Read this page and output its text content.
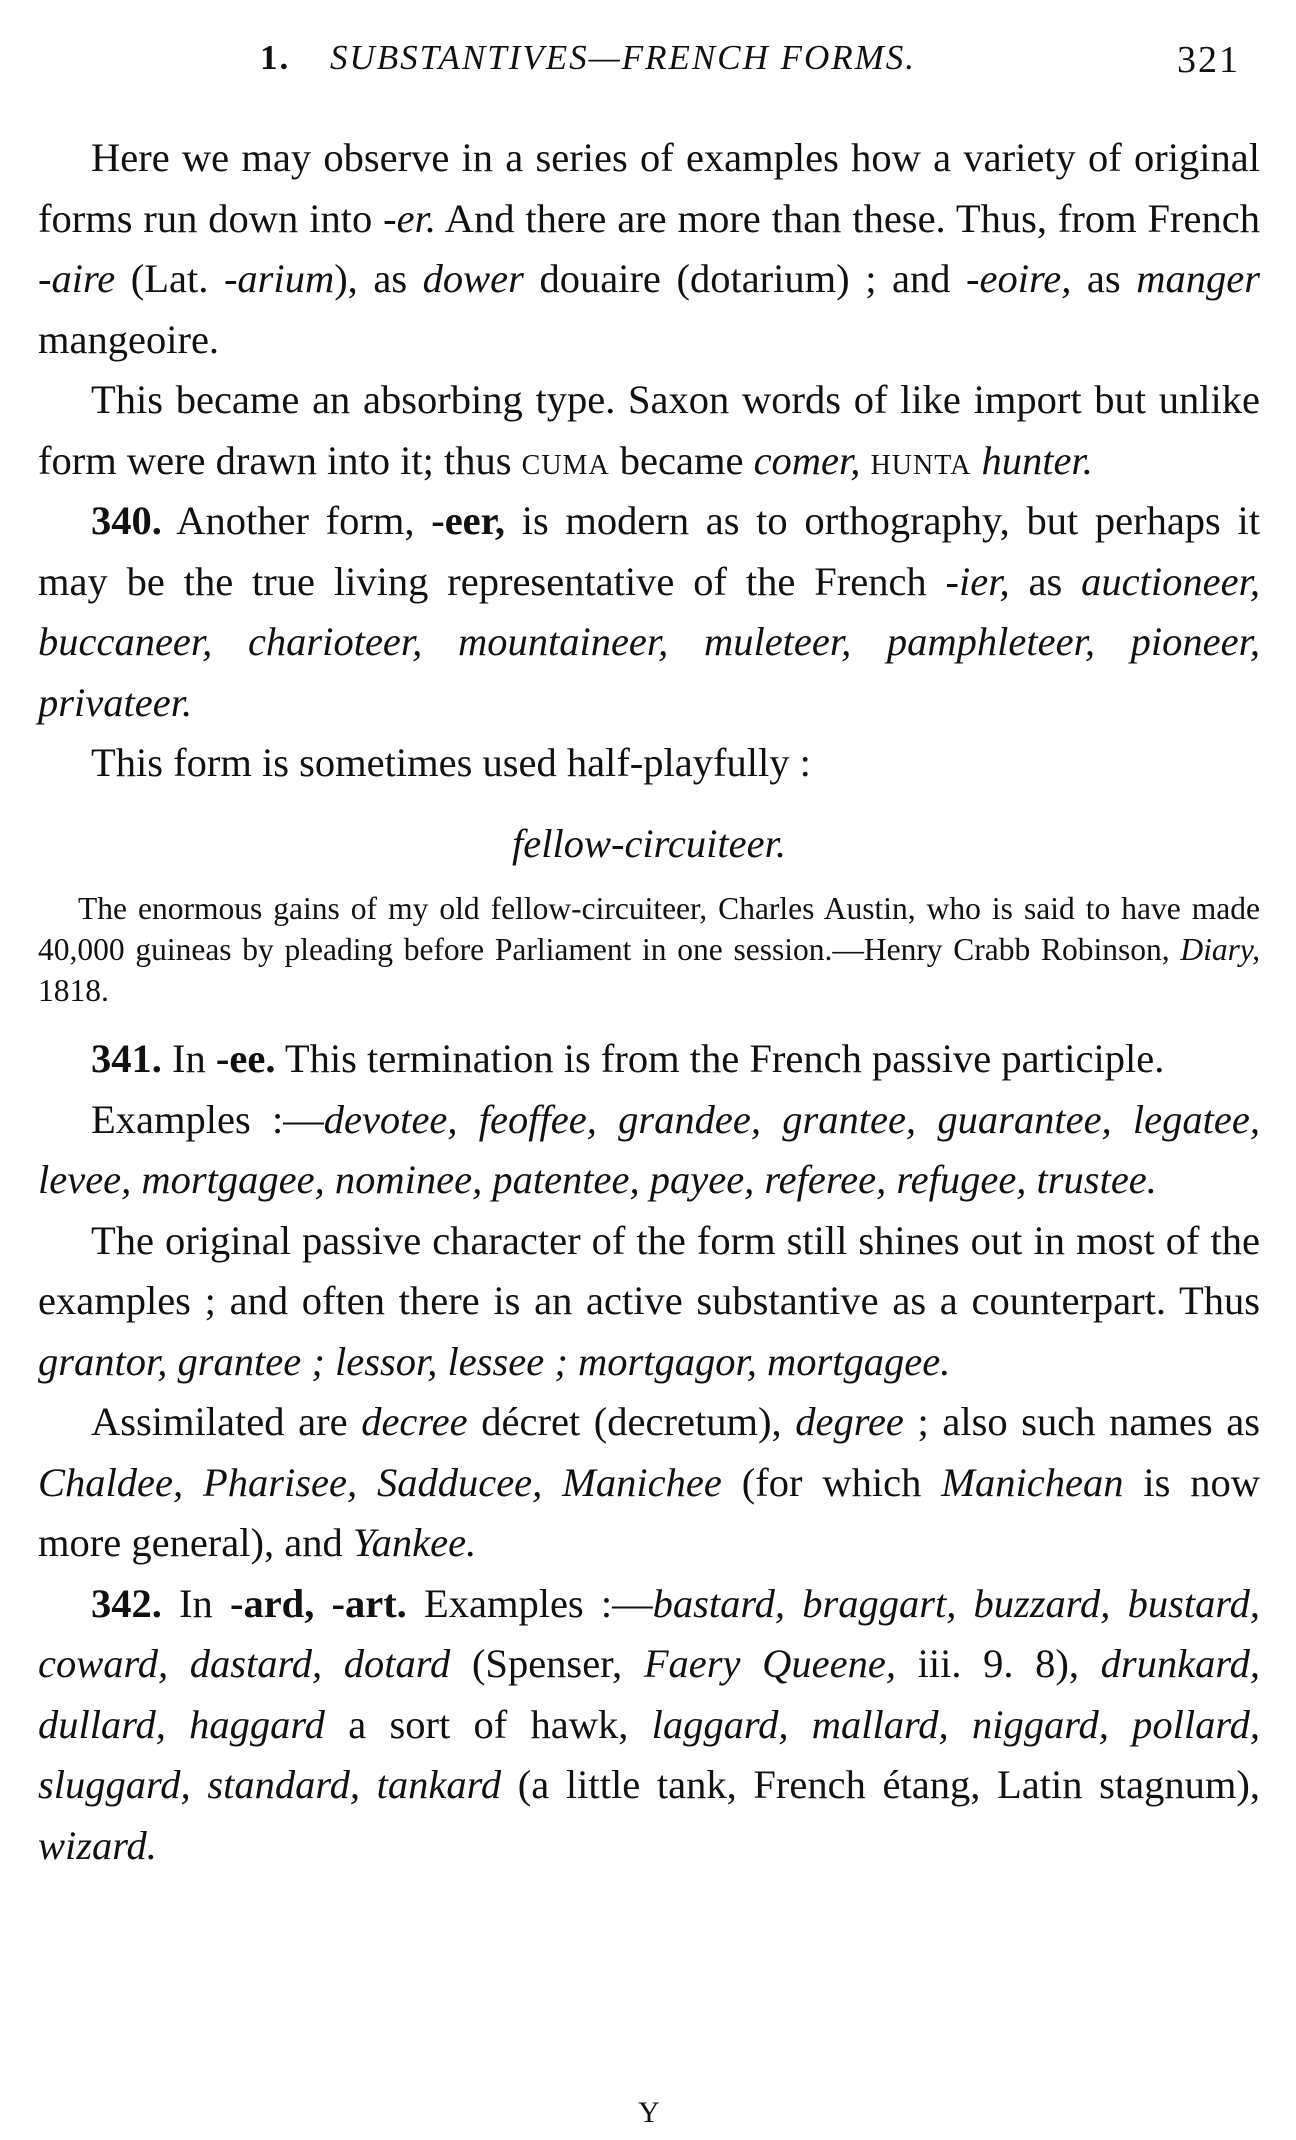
1. SUBSTANTIVES—FRENCH FORMS.	321

Here we may observe in a series of examples how a variety of original forms run down into -er. And there are more than these. Thus, from French -aire (Lat. -arium), as dower douaire (dotarium) ; and -eoire, as manger mangeoire.

This became an absorbing type. Saxon words of like import but unlike form were drawn into it; thus cuma became comer, hunta hunter.

340. Another form, -eer, is modern as to orthography, but perhaps it may be the true living representative of the French -ier, as auctioneer, buccaneer, charioteer, mountaineer, muleteer, pamphleteer, pioneer, privateer.

This form is sometimes used half-playfully :

fellow-circuiteer.

The enormous gains of my old fellow-circuiteer, Charles Austin, who is said to have made 40,000 guineas by pleading before Parliament in one session.—Henry Crabb Robinson, Diary, 1818.

341. In -ee. This termination is from the French passive participle.

Examples :—devotee, feoffee, grandee, grantee, guarantee, legatee, levee, mortgagee, nominee, patentee, payee, referee, refugee, trustee.

The original passive character of the form still shines out in most of the examples ; and often there is an active substantive as a counterpart. Thus grantor, grantee ; lessor, lessee ; mortgagor, mortgagee.

Assimilated are decree décret (decretum), degree ; also such names as Chaldee, Pharisee, Sadducee, Manichee (for which Manichean is now more general), and Yankee.

342. In -ard, -art. Examples :—bastard, braggart, buzzard, bustard, coward, dastard, dotard (Spenser, Faery Queene, iii. 9. 8), drunkard, dullard, haggard a sort of hawk, laggard, mallard, niggard, pollard, sluggard, standard, tankard (a little tank, French étang, Latin stagnum), wizard.

Y
